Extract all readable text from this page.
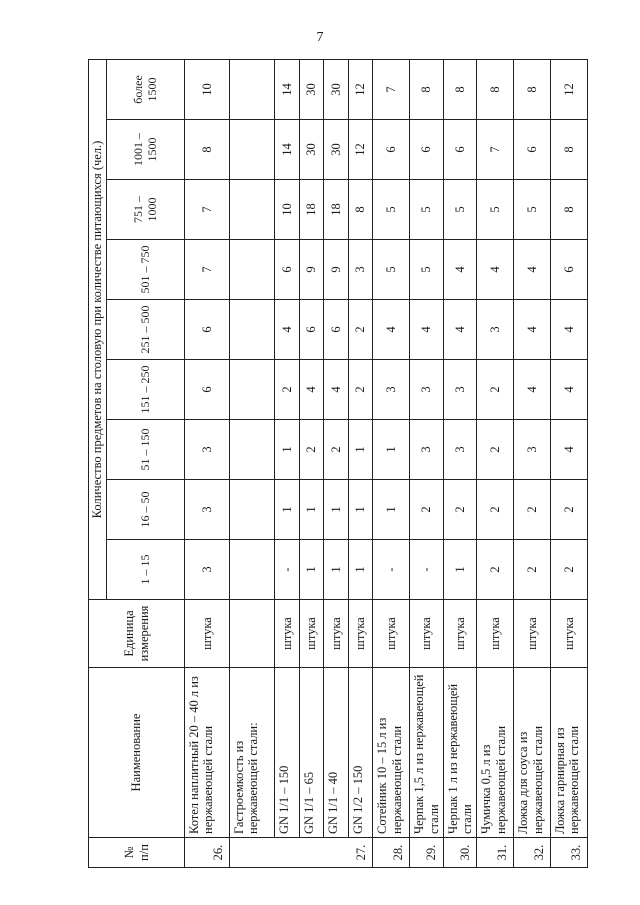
7
№ п/п	Наименование	Единица измерения	Количество предметов на столовую при количестве питающихся (чел.)								
			1 – 15	16 – 50	51 – 150	151 – 250	251 – 500	501 – 750	751 – 1000	1001 – 1500	более 1500
26.	Котел наплитный 20 – 40 л из нержавеющей стали	штука	3	3	3	6	6	7	7	8	10
27.	Гастроемкость из нержавеющей стали:										
	GN 1/1 – 150	штука	-	1	1	2	4	6	10	14	14
	GN 1/1 – 65	штука	1	1	2	4	6	9	18	30	30
	GN 1/1 – 40	штука	1	1	2	4	6	9	18	30	30
	GN 1/2 – 150	штука	1	1	1	2	2	3	8	12	12
28.	Сотейник 10 – 15 л из нержавеющей стали	штука	-	1	1	3	4	5	5	6	7
29.	Черпак 1,5 л из нержавеющей стали	штука	-	2	3	3	4	5	5	6	8
30.	Черпак 1 л из нержавеющей стали	штука	1	2	3	3	4	4	5	6	8
31.	Чумичка 0,5 л из нержавеющей стали	штука	2	2	2	2	3	4	5	7	8
32.	Ложка для соуса из нержавеющей стали	штука	2	2	3	4	4	4	5	6	8
33.	Ложка гарнирная из нержавеющей стали	штука	2	2	4	4	4	6	8	8	12
